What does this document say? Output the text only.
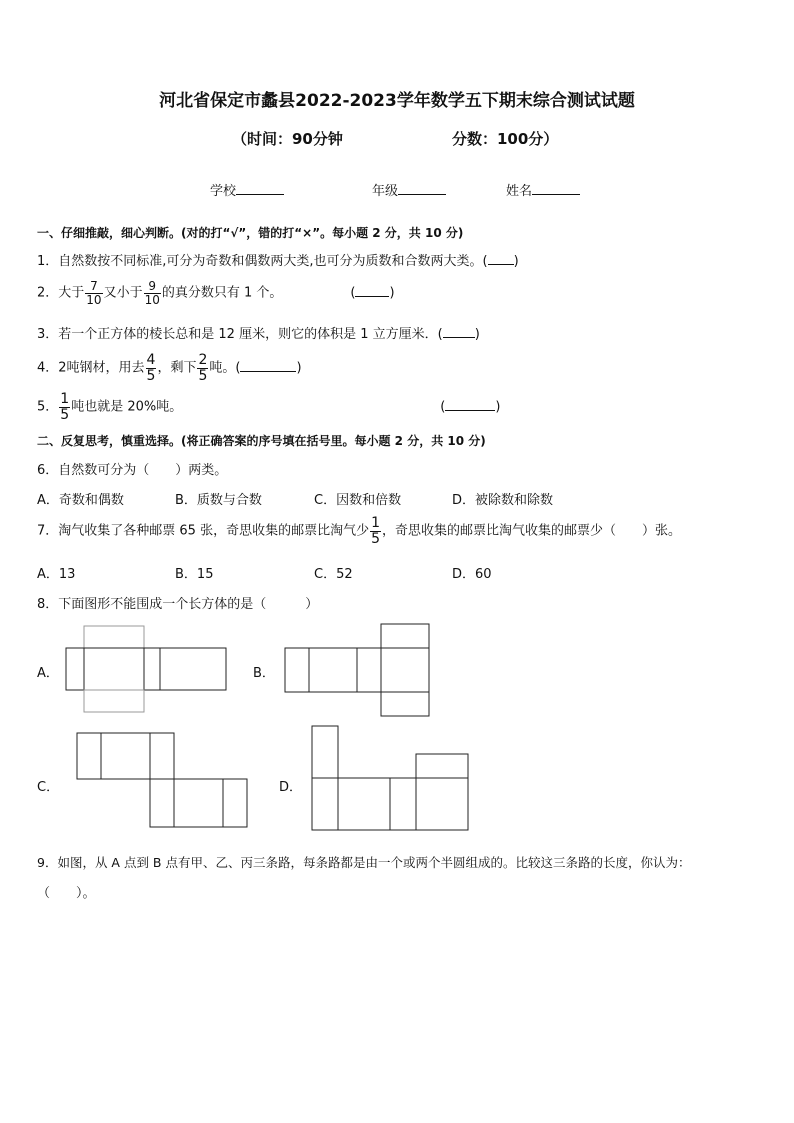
河北省保定市蠡县2022-2023学年数学五下期末综合测试试题
（时间：90分钟	分数：100分）
学校	年级	姓名
一、仔细推敲，细心判断。(对的打“√”，错的打“×”。每小题 2 分，共 10 分)
1．自然数按不同标准,可分为奇数和偶数两大类,也可分为质数和合数两大类。( )
2．大于 $\frac{7}{10}$ 又小于 $\frac{9}{10}$ 的真分数只有 1 个。	(	)
3．若一个正方体的棱长总和是 12 厘米，则它的体积是 1 立方厘米．( )
4．2吨钢材，用去 $\frac{4}{5}$ ，剩下 $\frac{2}{5}$ 吨。(	)
5． $\frac{1}{5}$ 吨也就是 20%吨。	(	)
二、反复思考，慎重选择。(将正确答案的序号填在括号里。每小题 2 分，共 10 分)
6．自然数可分为（　　）两类。
A．奇数和偶数	B．质数与合数	C．因数和倍数	D．被除数和除数
7．淘气收集了各种邮票 65 张，奇思收集的邮票比淘气少 $\frac{1}{5}$ ，奇思收集的邮票比淘气收集的邮票少（　　）张。
A．13	B．15	C．52	D．60
8．下面图形不能围成一个长方体的是（　　　）
A．	B．
C．	D．
9．如图，从 A 点到 B 点有甲、乙、丙三条路，每条路都是由一个或两个半圆组成的。比较这三条路的长度，你认为：
（　　）。
